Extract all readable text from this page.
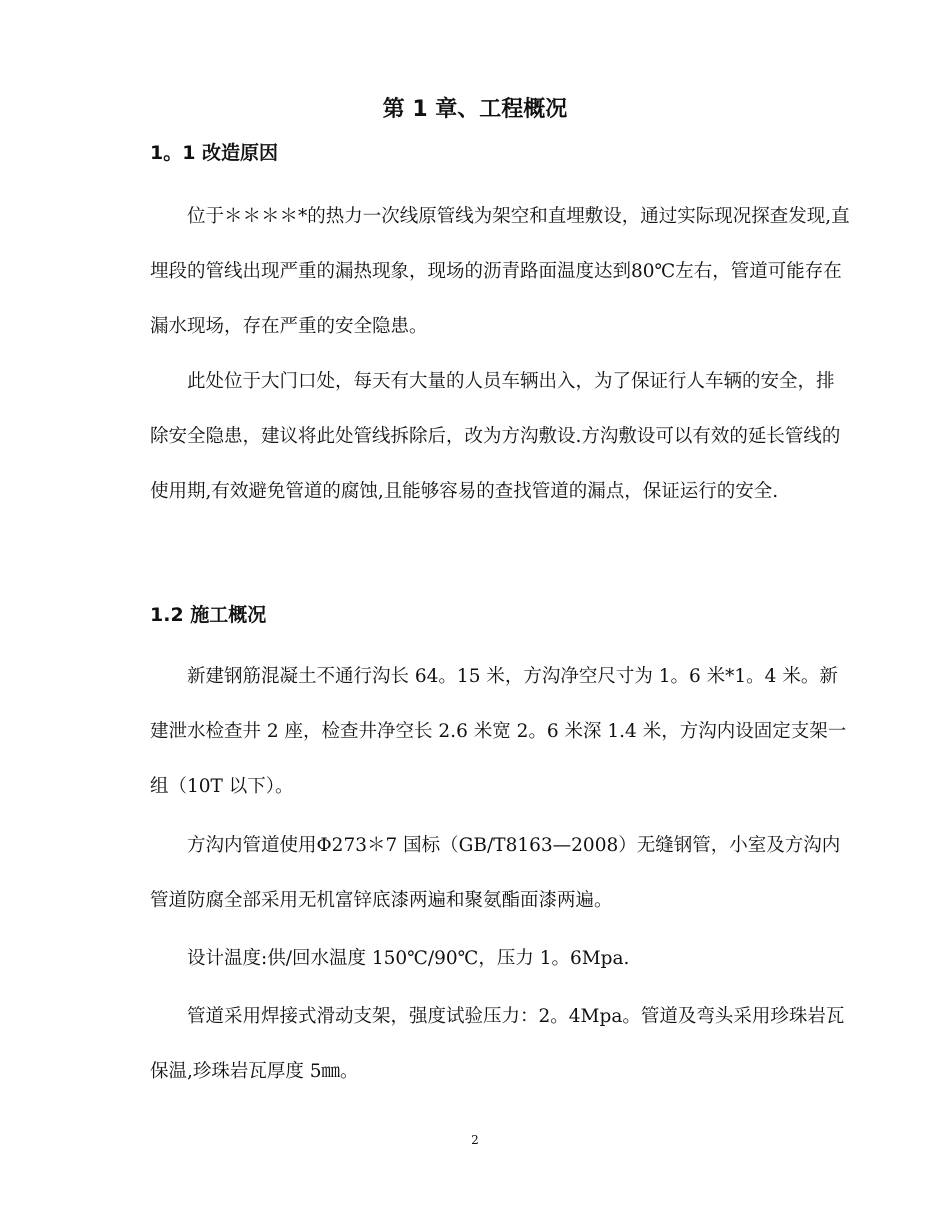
第 1 章、工程概况
1。1 改造原因

位于＊＊＊＊*的热力一次线原管线为架空和直埋敷设，通过实际现况探查发现,直埋段的管线出现严重的漏热现象，现场的沥青路面温度达到80℃左右，管道可能存在漏水现场，存在严重的安全隐患。

此处位于大门口处，每天有大量的人员车辆出入，为了保证行人车辆的安全，排除安全隐患，建议将此处管线拆除后，改为方沟敷设.方沟敷设可以有效的延长管线的使用期,有效避免管道的腐蚀,且能够容易的查找管道的漏点，保证运行的安全.

1.2 施工概况

新建钢筋混凝土不通行沟长 64。15 米，方沟净空尺寸为 1。6 米*1。4 米。新建泄水检查井 2 座，检查井净空长 2.6 米宽 2。6 米深 1.4 米，方沟内设固定支架一组（10T 以下）。

方沟内管道使用Φ273＊7 国标（GB/T8163—2008）无缝钢管，小室及方沟内管道防腐全部采用无机富锌底漆两遍和聚氨酯面漆两遍。

设计温度:供/回水温度 150℃/90℃，压力 1。6Mpa.

管道采用焊接式滑动支架，强度试验压力：2。4Mpa。管道及弯头采用珍珠岩瓦保温,珍珠岩瓦厚度 5㎜。

2
